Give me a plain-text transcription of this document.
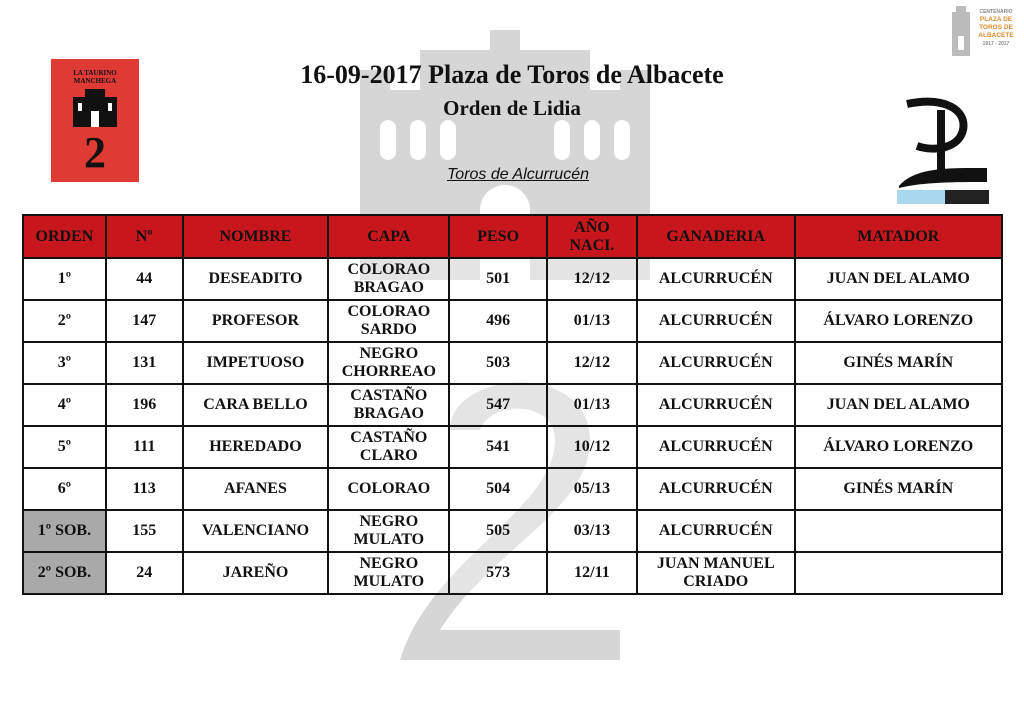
LA TAURINO
MANCHEGA
2
CENTENARIO
PLAZA DE
TOROS DE
ALBACETE
1917 - 2017
16-09-2017 Plaza de Toros de Albacete
Orden de Lidia
Toros de Alcurrucén
ORDEN	Nº	NOMBRE	CAPA	PESO	AÑO NACI.	GANADERIA	MATADOR
1º	44	DESEADITO	COLORAO BRAGAO	501	12/12	ALCURRUCÉN	JUAN DEL ALAMO
2º	147	PROFESOR	COLORAO SARDO	496	01/13	ALCURRUCÉN	ÁLVARO LORENZO
3º	131	IMPETUOSO	NEGRO CHORREAO	503	12/12	ALCURRUCÉN	GINÉS MARÍN
4º	196	CARA BELLO	CASTAÑO BRAGAO	547	01/13	ALCURRUCÉN	JUAN DEL ALAMO
5º	111	HEREDADO	CASTAÑO CLARO	541	10/12	ALCURRUCÉN	ÁLVARO LORENZO
6º	113	AFANES	COLORAO	504	05/13	ALCURRUCÉN	GINÉS MARÍN
1º SOB.	155	VALENCIANO	NEGRO MULATO	505	03/13	ALCURRUCÉN	
2º SOB.	24	JAREÑO	NEGRO MULATO	573	12/11	JUAN MANUEL CRIADO	
